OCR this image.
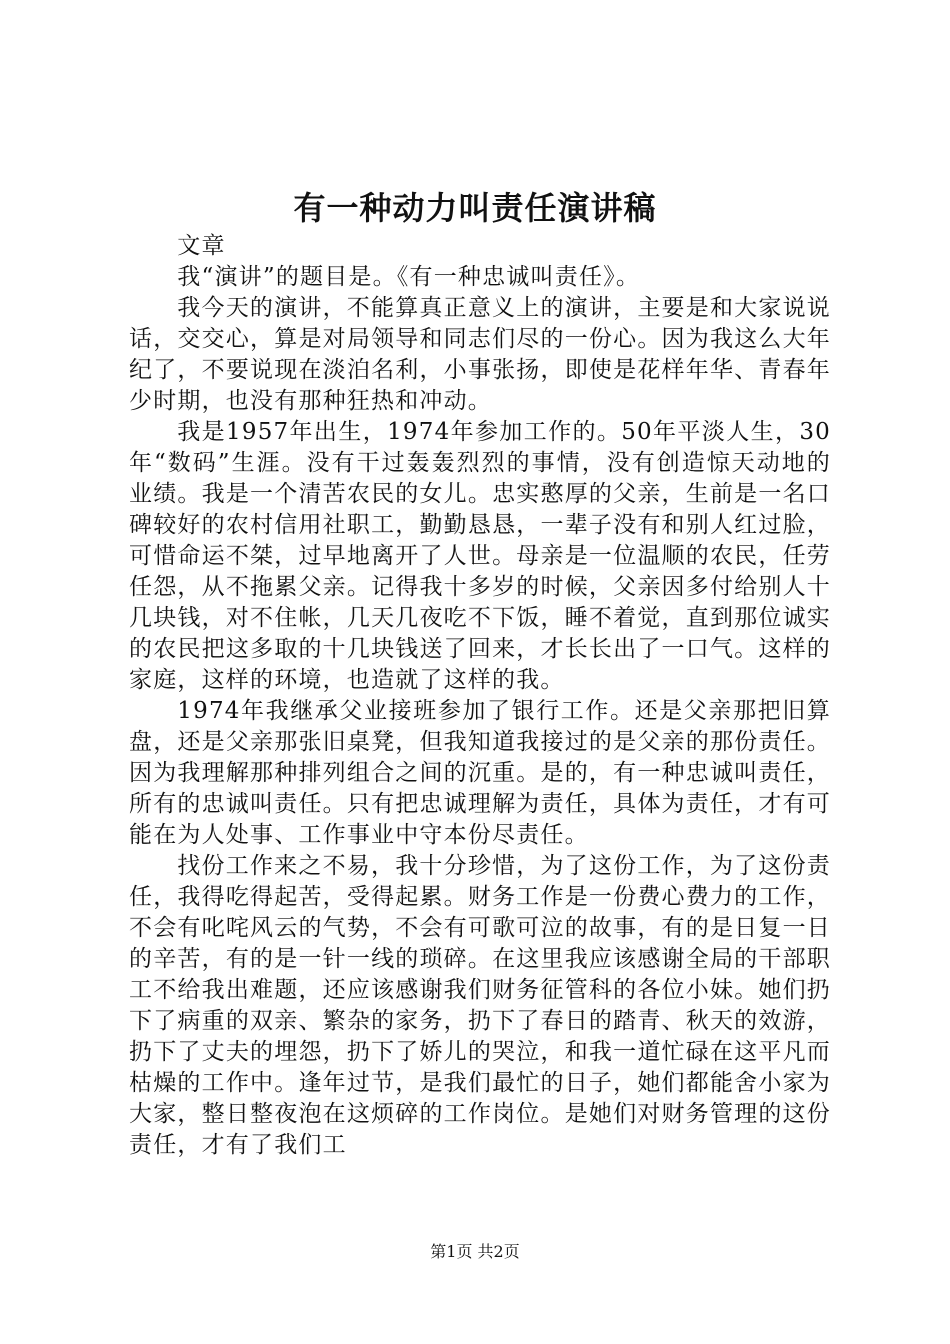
有一种动力叫责任演讲稿

文章

我“演讲”的题目是。《有一种忠诚叫责任》。

我今天的演讲，不能算真正意义上的演讲，主要是和大家说说话，交交心，算是对局领导和同志们尽的一份心。因为我这么大年纪了，不要说现在淡泊名利，小事张扬，即使是花样年华、青春年少时期，也没有那种狂热和冲动。

我是1957年出生，1974年参加工作的。50年平淡人生，30年“数码”生涯。没有干过轰轰烈烈的事情，没有创造惊天动地的业绩。我是一个清苦农民的女儿。忠实憨厚的父亲，生前是一名口碑较好的农村信用社职工，勤勤恳恳，一辈子没有和别人红过脸，可惜命运不桀，过早地离开了人世。母亲是一位温顺的农民，任劳任怨，从不拖累父亲。记得我十多岁的时候，父亲因多付给别人十几块钱，对不住帐，几天几夜吃不下饭，睡不着觉，直到那位诚实的农民把这多取的十几块钱送了回来，才长长出了一口气。这样的家庭，这样的环境，也造就了这样的我。

1974年我继承父业接班参加了银行工作。还是父亲那把旧算盘，还是父亲那张旧桌凳，但我知道我接过的是父亲的那份责任。因为我理解那种排列组合之间的沉重。是的，有一种忠诚叫责任，所有的忠诚叫责任。只有把忠诚理解为责任，具体为责任，才有可能在为人处事、工作事业中守本份尽责任。

找份工作来之不易，我十分珍惜，为了这份工作，为了这份责任，我得吃得起苦，受得起累。财务工作是一份费心费力的工作，不会有叱咤风云的气势，不会有可歌可泣的故事，有的是日复一日的辛苦，有的是一针一线的琐碎。在这里我应该感谢全局的干部职工不给我出难题，还应该感谢我们财务征管科的各位小妹。她们扔下了病重的双亲、繁杂的家务，扔下了春日的踏青、秋天的效游，扔下了丈夫的埋怨，扔下了娇儿的哭泣，和我一道忙碌在这平凡而枯燥的工作中。逢年过节，是我们最忙的日子，她们都能舍小家为大家，整日整夜泡在这烦碎的工作岗位。是她们对财务管理的这份责任，才有了我们工

第1页 共2页
